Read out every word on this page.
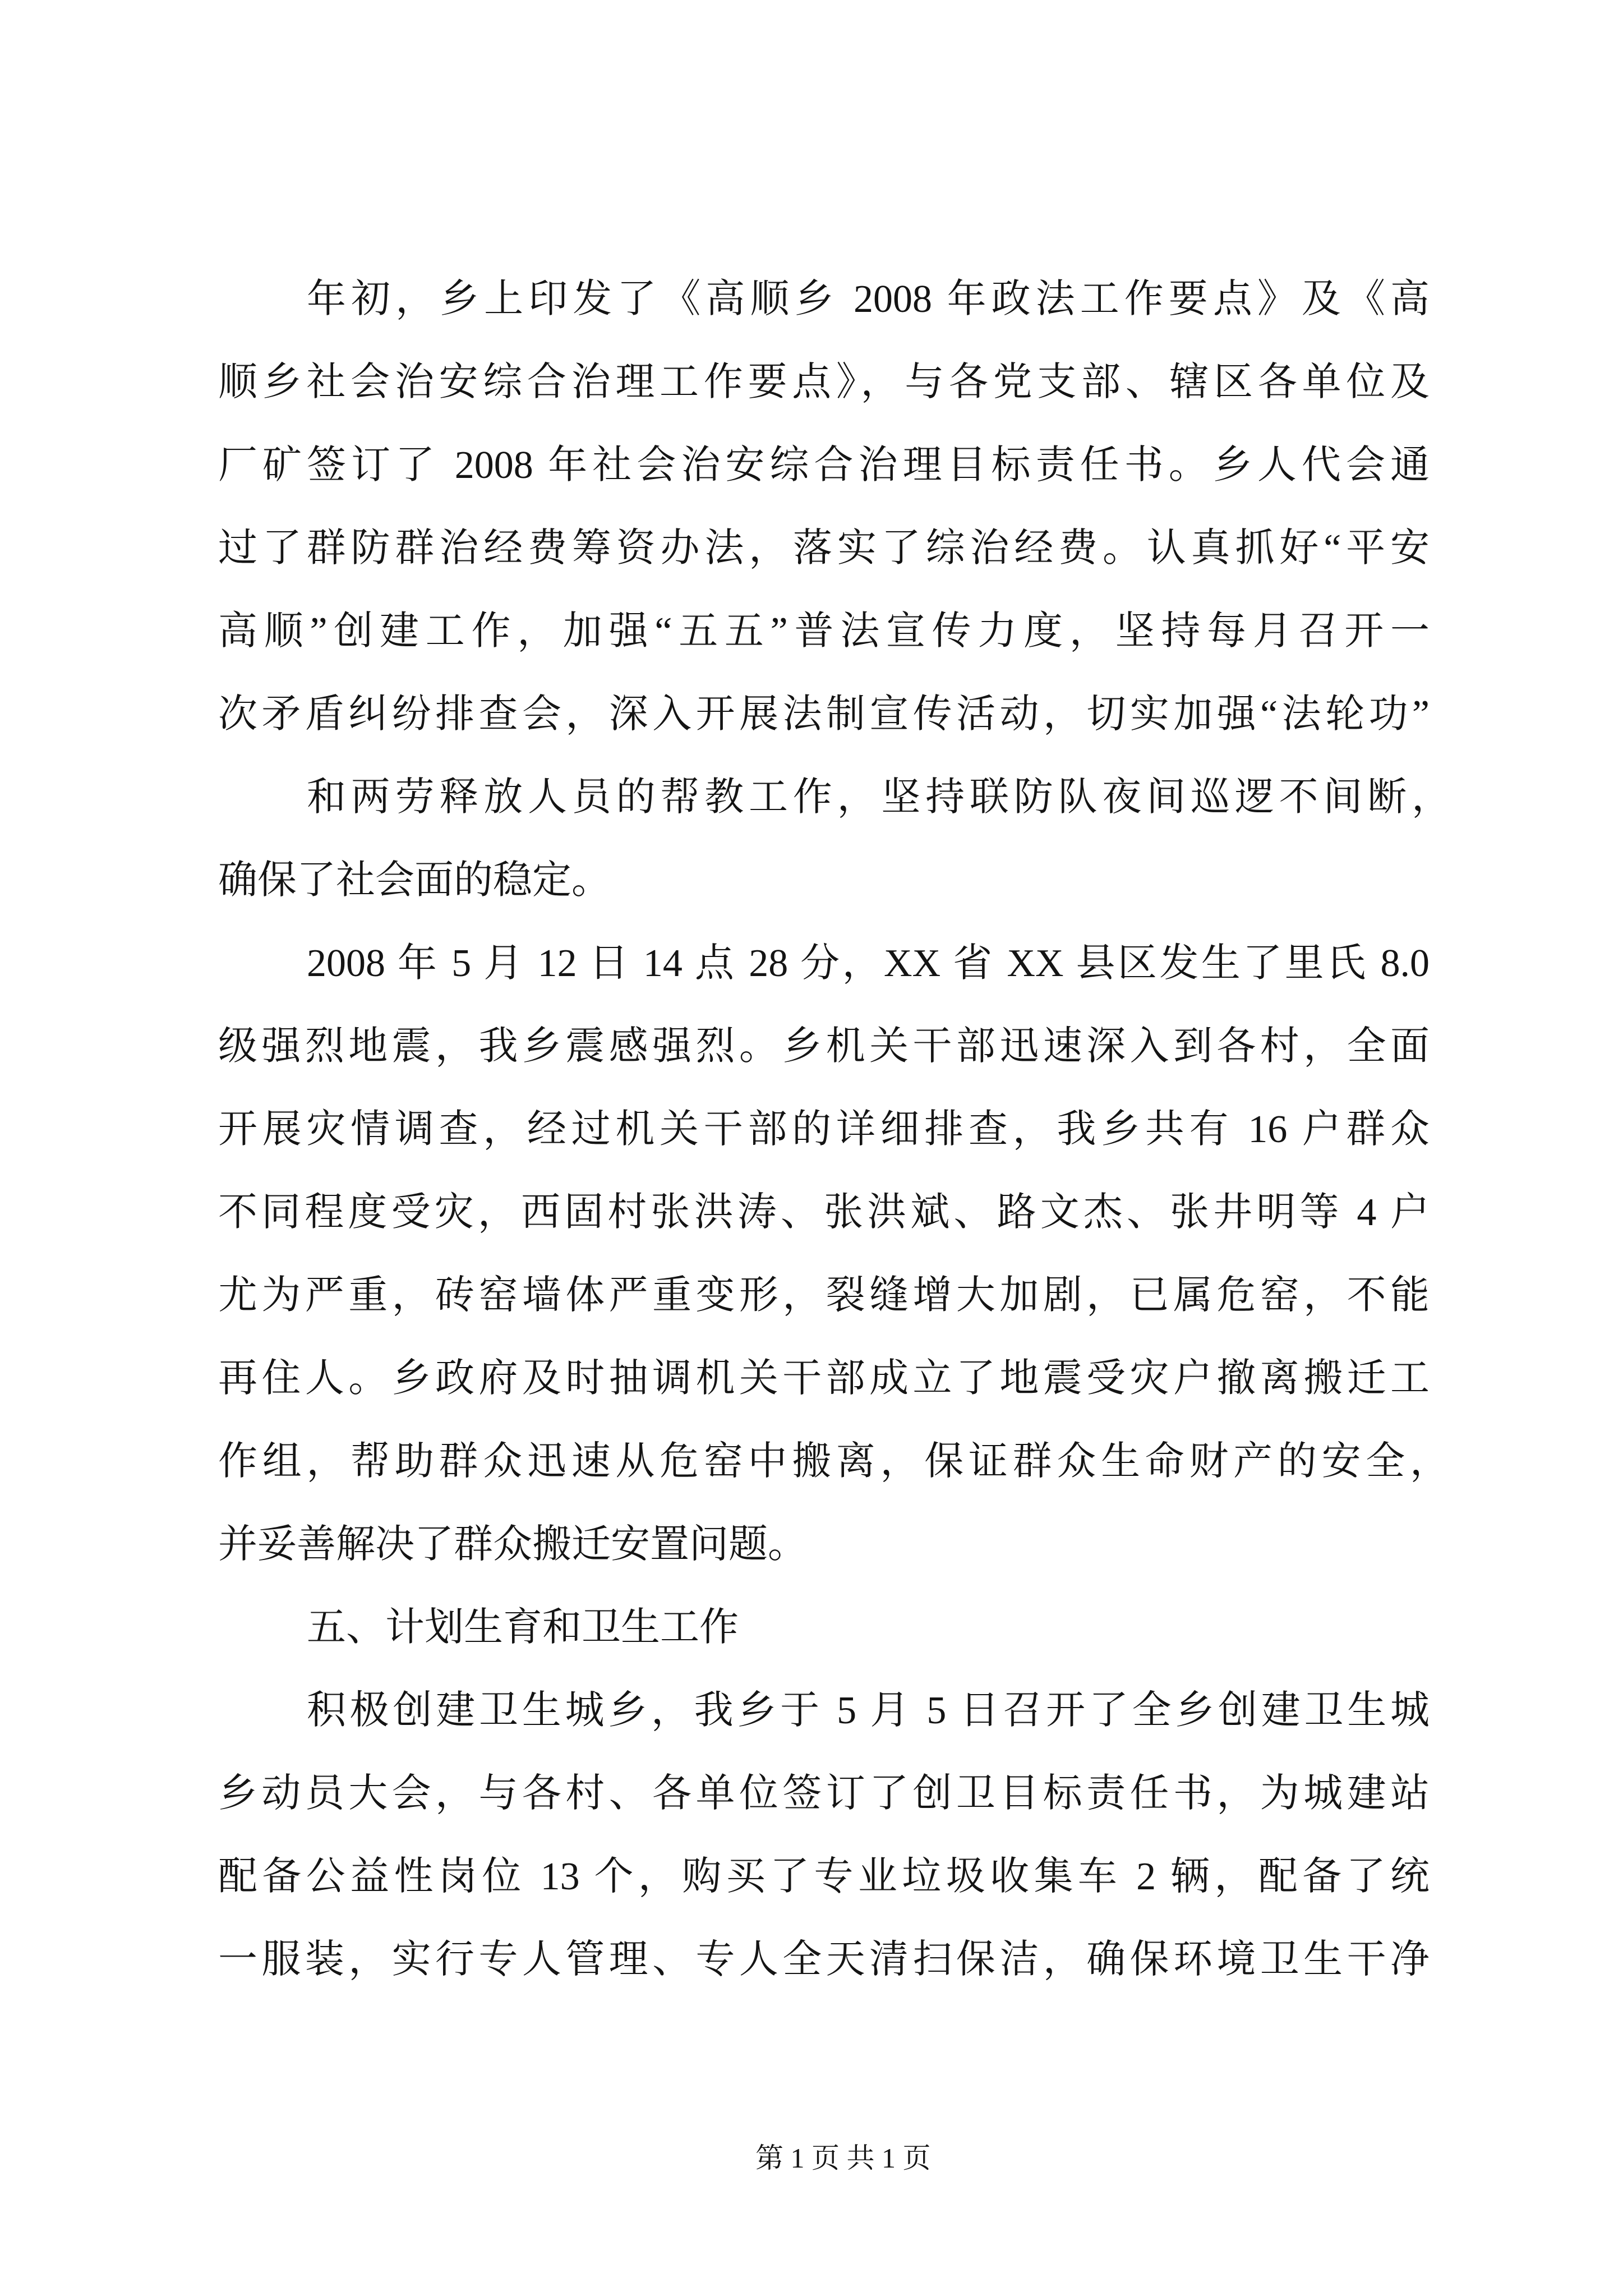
年初，乡上印发了《高顺乡 2008 年政法工作要点》及《高
顺乡社会治安综合治理工作要点》，与各党支部、辖区各单位及
厂矿签订了 2008 年社会治安综合治理目标责任书。乡人代会通
过了群防群治经费筹资办法，落实了综治经费。认真抓好“平安
高顺”创建工作，加强“五五”普法宣传力度，坚持每月召开一
次矛盾纠纷排查会，深入开展法制宣传活动，切实加强“法轮功”
和两劳释放人员的帮教工作，坚持联防队夜间巡逻不间断，
确保了社会面的稳定。
2008 年 5 月 12 日 14 点 28 分，XX 省 XX 县区发生了里氏 8.0
级强烈地震，我乡震感强烈。乡机关干部迅速深入到各村，全面
开展灾情调查，经过机关干部的详细排查，我乡共有 16 户群众
不同程度受灾，西固村张洪涛、张洪斌、路文杰、张井明等 4 户
尤为严重，砖窑墙体严重变形，裂缝增大加剧，已属危窑，不能
再住人。乡政府及时抽调机关干部成立了地震受灾户撤离搬迁工
作组，帮助群众迅速从危窑中搬离，保证群众生命财产的安全，
并妥善解决了群众搬迁安置问题。
五、计划生育和卫生工作
积极创建卫生城乡，我乡于 5 月 5 日召开了全乡创建卫生城
乡动员大会，与各村、各单位签订了创卫目标责任书，为城建站
配备公益性岗位 13 个，购买了专业垃圾收集车 2 辆，配备了统
一服装，实行专人管理、专人全天清扫保洁，确保环境卫生干净
第 1 页 共 1 页
